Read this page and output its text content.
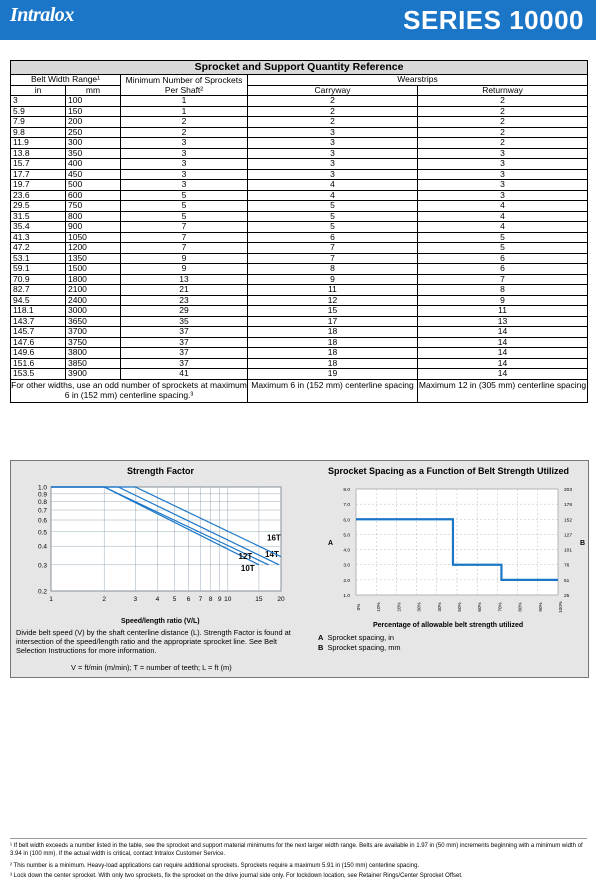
Intralox	SERIES 10000
Sprocket and Support Quantity Reference				
Belt Width Range¹		Minimum Number of Sprockets Per Shaft²	Wearstrips	
in	mm		Carryway	Returnway
3	100	1	2	2
5.9	150	1	2	2
7.9	200	2	2	2
9.8	250	2	3	2
11.9	300	3	3	2
13.8	350	3	3	3
15.7	400	3	3	3
17.7	450	3	3	3
19.7	500	3	4	3
23.6	600	5	4	3
29.5	750	5	5	4
31.5	800	5	5	4
35.4	900	7	5	4
41.3	1050	7	6	5
47.2	1200	7	7	5
53.1	1350	9	7	6
59.1	1500	9	8	6
70.9	1800	13	9	7
82.7	2100	21	11	8
94.5	2400	23	12	9
118.1	3000	29	15	11
143.7	3650	35	17	13
145.7	3700	37	18	14
147.6	3750	37	18	14
149.6	3800	37	18	14
151.6	3850	37	18	14
153.5	3900	41	19	14
For other widths, use an odd number of sprockets at maximum 6 in (152 mm) centerline spacing.³			Maximum 6 in (152 mm) centerline spacing	Maximum 12 in (305 mm) centerline spacing
Strength Factor	Sprocket Spacing as a Function of Belt Strength Utilized
1.0
0.9
0.8
0.7
0.6
0.5
0.4
0.3
0.2
1	2	3	4 5 6 7 8 9 10	15 20
10T
12T 14T
16T
Speed/length ratio (V/L)
Divide belt speed (V) by the shaft centerline distance (L). Strength Factor is found at intersection of the speed/length ratio and the appropriate sprocket line. See Belt Selection Instructions for more information.
V = ft/min (m/min); T = number of teeth; L = ft (m)
8.0	203
7.0	178
6.0	152
5.0	127
4.0	101
3.0	76
2.0	51
1.0	25
0%	10%	20%	30%	40%	50%	60%	70%	80%	90%	100%
A	B
Percentage of allowable belt strength utilized
A Sprocket spacing, in
B Sprocket spacing, mm
¹ If belt width exceeds a number listed in the table, see the sprocket and support material minimums for the next larger width range. Belts are available in 1.97 in (50 mm) increments beginning with a minimum width of 3.94 in (100 mm). If the actual width is critical, contact Intralox Customer Service.
² This number is a minimum. Heavy-load applications can require additional sprockets. Sprockets require a maximum 5.91 in (150 mm) centerline spacing.
³ Lock down the center sprocket. With only two sprockets, fix the sprocket on the drive journal side only. For lockdown location, see Retainer Rings/Center Sprocket Offset.
